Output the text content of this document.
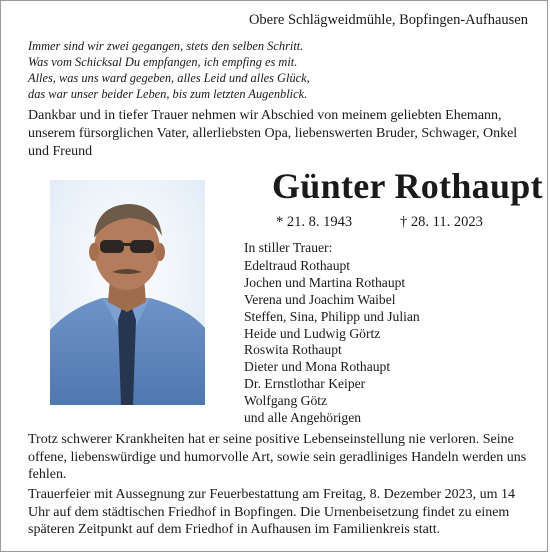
Obere Schlägweidmühle, Bopfingen-Aufhausen
Immer sind wir zwei gegangen, stets den selben Schritt.
Was vom Schicksal Du empfangen, ich empfing es mit.
Alles, was uns ward gegeben, alles Leid und alles Glück,
das war unser beider Leben, bis zum letzten Augenblick.
Dankbar und in tiefer Trauer nehmen wir Abschied von meinem geliebten Ehemann, unserem fürsorglichen Vater, allerliebsten Opa, liebenswerten Bruder, Schwager, Onkel und Freund
Günter Rothaupt
* 21. 8. 1943	† 28. 11. 2023
In stiller Trauer:
Edeltraud Rothaupt
Jochen und Martina Rothaupt
Verena und Joachim Waibel
Steffen, Sina, Philipp und Julian
Heide und Ludwig Görtz
Roswita Rothaupt
Dieter und Mona Rothaupt
Dr. Ernstlothar Keiper
Wolfgang Götz
und alle Angehörigen
Trotz schwerer Krankheiten hat er seine positive Lebenseinstellung nie verloren. Seine offene, liebenswürdige und humorvolle Art, sowie sein geradliniges Handeln werden uns fehlen.
Trauerfeier mit Aussegnung zur Feuerbestattung am Freitag, 8. Dezember 2023, um 14 Uhr auf dem städtischen Friedhof in Bopfingen. Die Urnenbeisetzung findet zu einem späteren Zeitpunkt auf dem Friedhof in Aufhausen im Familienkreis statt.
